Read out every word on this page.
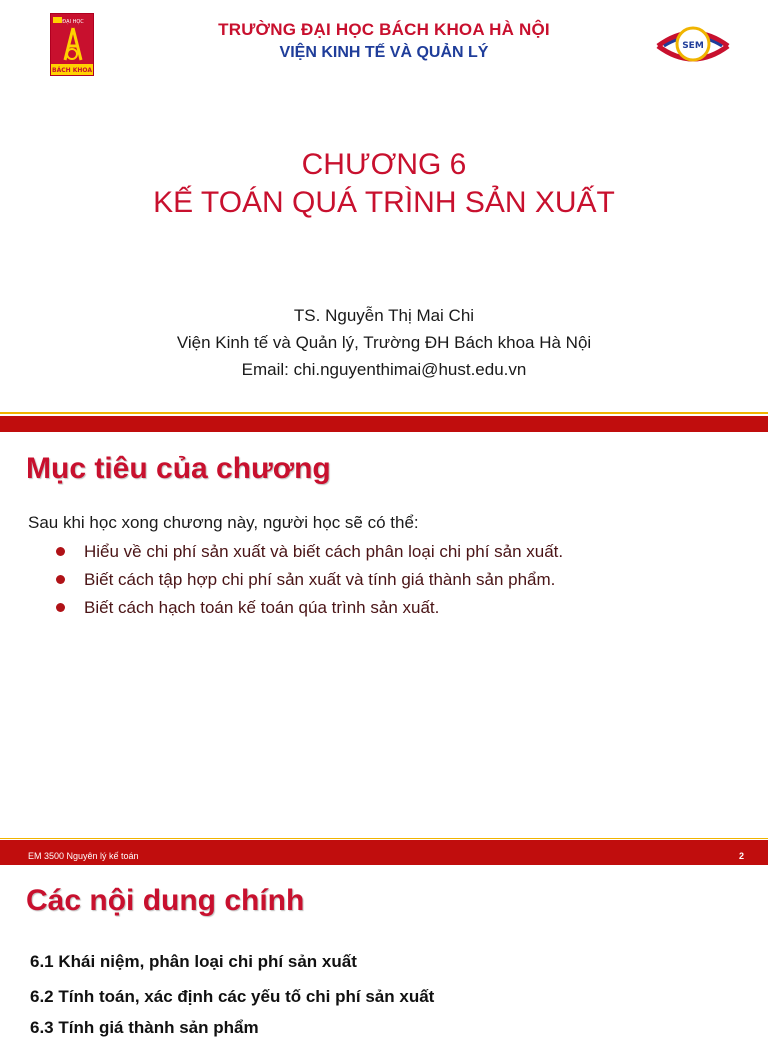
ĐẠI HỌC
BÁCH KHOA
TRƯỜNG ĐẠI HỌC BÁCH KHOA HÀ NỘI
VIỆN KINH TẾ VÀ QUẢN LÝ	SEM
CHƯƠNG 6
KẾ TOÁN QUÁ TRÌNH SẢN XUẤT
TS. Nguyễn Thị Mai Chi
Viện Kinh tế và Quản lý, Trường ĐH Bách khoa Hà Nội
Email: chi.nguyenthimai@hust.edu.vn
Mục tiêu của chương
Sau khi học xong chương này, người học sẽ có thể:
Hiểu về chi phí sản xuất và biết cách phân loại chi phí sản xuất.
Biết cách tập hợp chi phí sản xuất và tính giá thành sản phẩm.
Biết cách hạch toán kế toán qúa trình sản xuất.
EM 3500 Nguyên lý kế toán	2
Các nội dung chính
6.1 Khái niệm, phân loại chi phí sản xuất
6.2 Tính toán, xác định các yếu tố chi phí sản xuất
6.3 Tính giá thành sản phẩm
